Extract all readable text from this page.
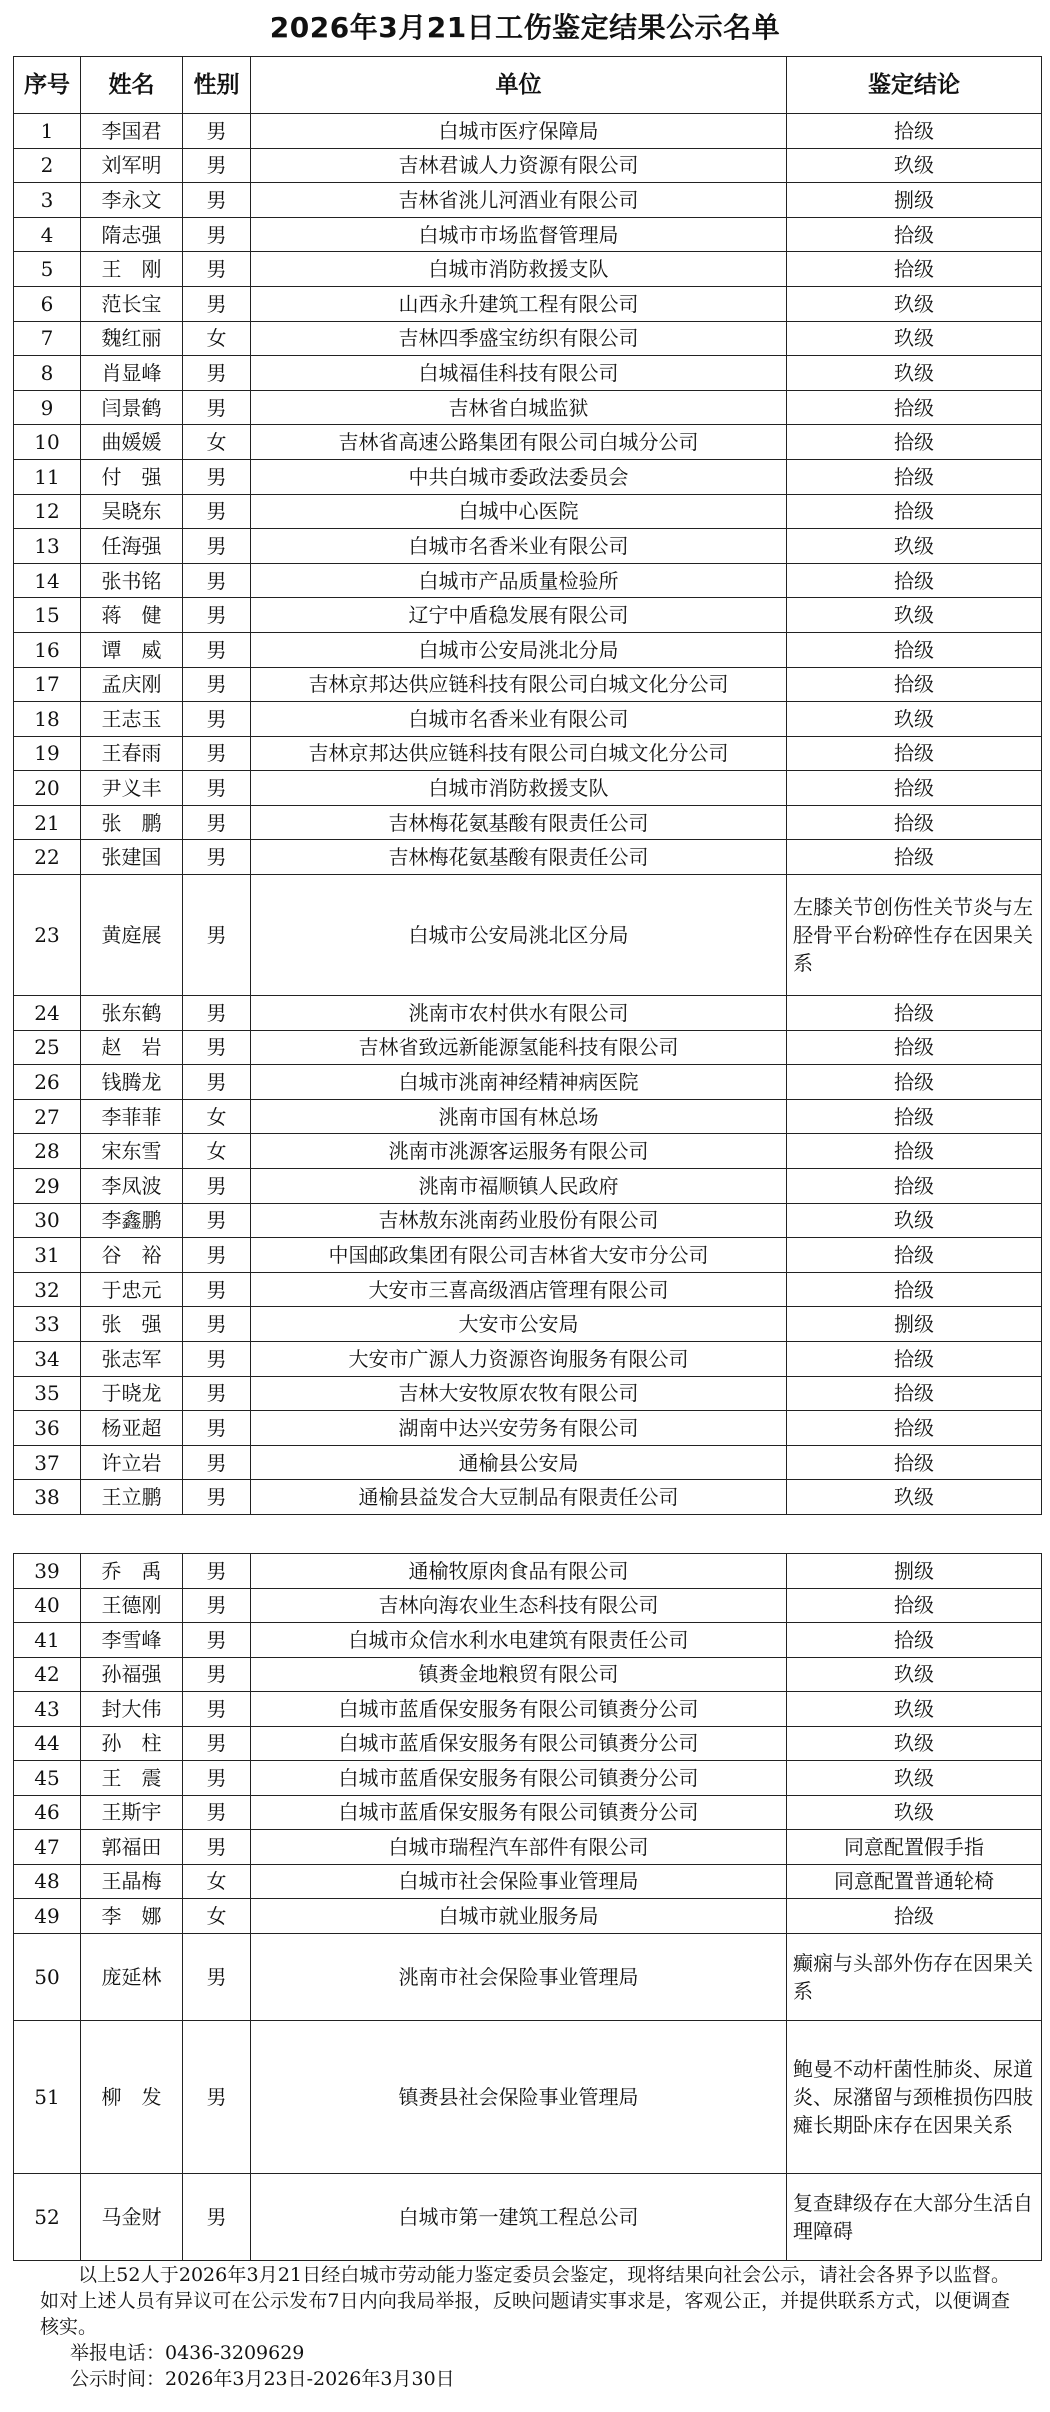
2026年3月21日工伤鉴定结果公示名单
序号	姓名	性别	单位	鉴定结论
1	李国君	男	白城市医疗保障局	拾级
2	刘军明	男	吉林君诚人力资源有限公司	玖级
3	李永文	男	吉林省洮儿河酒业有限公司	捌级
4	隋志强	男	白城市市场监督管理局	拾级
5	王　刚	男	白城市消防救援支队	拾级
6	范长宝	男	山西永升建筑工程有限公司	玖级
7	魏红丽	女	吉林四季盛宝纺织有限公司	玖级
8	肖显峰	男	白城福佳科技有限公司	玖级
9	闫景鹤	男	吉林省白城监狱	拾级
10	曲媛媛	女	吉林省高速公路集团有限公司白城分公司	拾级
11	付　强	男	中共白城市委政法委员会	拾级
12	吴晓东	男	白城中心医院	拾级
13	任海强	男	白城市名香米业有限公司	玖级
14	张书铭	男	白城市产品质量检验所	拾级
15	蒋　健	男	辽宁中盾稳发展有限公司	玖级
16	谭　威	男	白城市公安局洮北分局	拾级
17	孟庆刚	男	吉林京邦达供应链科技有限公司白城文化分公司	拾级
18	王志玉	男	白城市名香米业有限公司	玖级
19	王春雨	男	吉林京邦达供应链科技有限公司白城文化分公司	拾级
20	尹义丰	男	白城市消防救援支队	拾级
21	张　鹏	男	吉林梅花氨基酸有限责任公司	拾级
22	张建国	男	吉林梅花氨基酸有限责任公司	拾级
23	黄庭展	男	白城市公安局洮北区分局	左膝关节创伤性关节炎与左胫骨平台粉碎性存在因果关系
24	张东鹤	男	洮南市农村供水有限公司	拾级
25	赵　岩	男	吉林省致远新能源氢能科技有限公司	拾级
26	钱腾龙	男	白城市洮南神经精神病医院	拾级
27	李菲菲	女	洮南市国有林总场	拾级
28	宋东雪	女	洮南市洮源客运服务有限公司	拾级
29	李凤波	男	洮南市福顺镇人民政府	拾级
30	李鑫鹏	男	吉林敖东洮南药业股份有限公司	玖级
31	谷　裕	男	中国邮政集团有限公司吉林省大安市分公司	拾级
32	于忠元	男	大安市三喜高级酒店管理有限公司	拾级
33	张　强	男	大安市公安局	捌级
34	张志军	男	大安市广源人力资源咨询服务有限公司	拾级
35	于晓龙	男	吉林大安牧原农牧有限公司	拾级
36	杨亚超	男	湖南中达兴安劳务有限公司	拾级
37	许立岩	男	通榆县公安局	拾级
38	王立鹏	男	通榆县益发合大豆制品有限责任公司	玖级
39	乔　禹	男	通榆牧原肉食品有限公司	捌级
40	王德刚	男	吉林向海农业生态科技有限公司	拾级
41	李雪峰	男	白城市众信水利水电建筑有限责任公司	拾级
42	孙福强	男	镇赉金地粮贸有限公司	玖级
43	封大伟	男	白城市蓝盾保安服务有限公司镇赉分公司	玖级
44	孙　柱	男	白城市蓝盾保安服务有限公司镇赉分公司	玖级
45	王　震	男	白城市蓝盾保安服务有限公司镇赉分公司	玖级
46	王斯宇	男	白城市蓝盾保安服务有限公司镇赉分公司	玖级
47	郭福田	男	白城市瑞程汽车部件有限公司	同意配置假手指
48	王晶梅	女	白城市社会保险事业管理局	同意配置普通轮椅
49	李　娜	女	白城市就业服务局	拾级
50	庞延林	男	洮南市社会保险事业管理局	癫痫与头部外伤存在因果关系
51	柳　发	男	镇赉县社会保险事业管理局	鲍曼不动杆菌性肺炎、尿道炎、尿潴留与颈椎损伤四肢瘫长期卧床存在因果关系
52	马金财	男	白城市第一建筑工程总公司	复查肆级存在大部分生活自理障碍

以上52人于2026年3月21日经白城市劳动能力鉴定委员会鉴定，现将结果向社会公示，请社会各界予以监督。如对上述人员有异议可在公示发布7日内向我局举报，反映问题请实事求是，客观公正，并提供联系方式，以便调查核实。

举报电话：0436-3209629

公示时间：2026年3月23日-2026年3月30日
